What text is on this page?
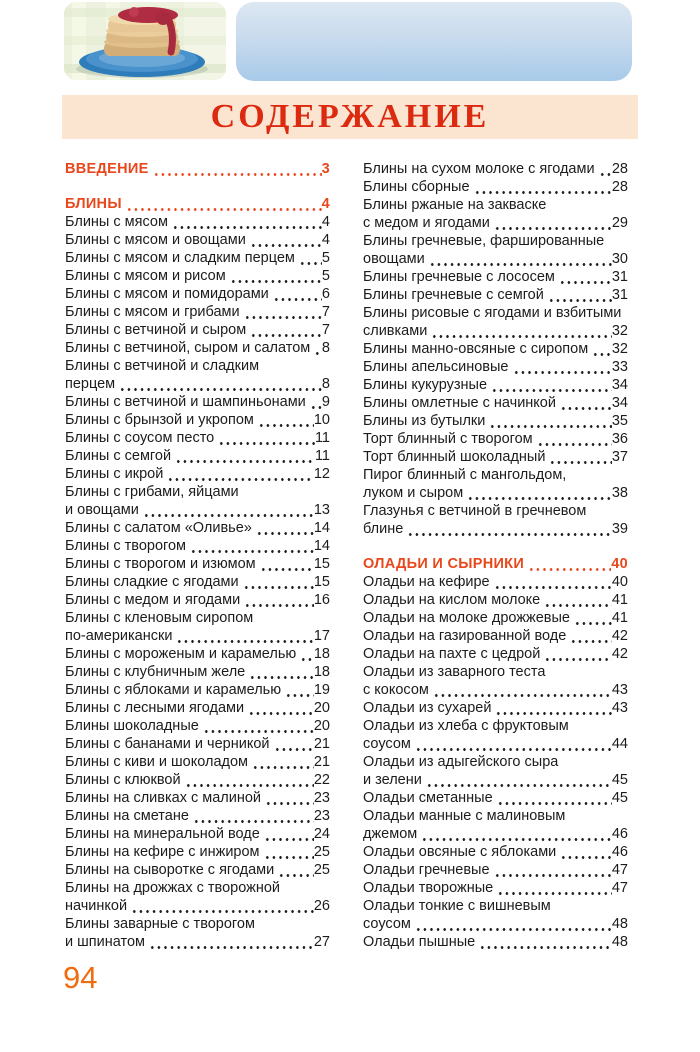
СОДЕРЖАНИЕ
ВВЕДЕНИЕ	3
БЛИНЫ	4
Блины с мясом	4
Блины с мясом и овощами	4
Блины с мясом и сладким перцем 5
Блины с мясом и рисом	5
Блины с мясом и помидорами	6
Блины с мясом и грибами	7
Блины с ветчиной и сыром	7
Блины с ветчиной, сыром и салатом 8
Блины с ветчиной и сладким
перцем	8
Блины с ветчиной и шампиньонами 9
Блины с брынзой и укропом	10
Блины с соусом песто	11
Блины с семгой	11
Блины с икрой	12
Блины с грибами, яйцами
и овощами	13
Блины с салатом «Оливье»	14
Блины с творогом	14
Блины с творогом и изюмом	15
Блины сладкие с ягодами	15
Блины с медом и ягодами	16
Блины с кленовым сиропом
по-американски	17
Блины с мороженым и карамелью 18
Блины с клубничным желе	18
Блины с яблоками и карамелью 19
Блины с лесными ягодами	20
Блины шоколадные	20
Блины с бананами и черникой	21
Блины с киви и шоколадом	21
Блины с клюквой	22
Блины на сливках с малиной	23
Блины на сметане	23
Блины на минеральной воде	24
Блины на кефире с инжиром	25
Блины на сыворотке с ягодами	25
Блины на дрожжах с творожной
начинкой	26
Блины заварные с творогом
и шпинатом	27
Блины на сухом молоке с ягодами 28
Блины сборные	28
Блины ржаные на закваске
с медом и ягодами	29
Блины гречневые, фаршированные
овощами	30
Блины гречневые с лососем	31
Блины гречневые с семгой	31
Блины рисовые с ягодами и взбитыми
сливками	32
Блины манно-овсяные с сиропом 32
Блины апельсиновые	33
Блины кукурузные	34
Блины омлетные с начинкой	34
Блины из бутылки	35
Торт блинный с творогом	36
Торт блинный шоколадный	37
Пирог блинный с мангольдом,
луком и сыром	38
Глазунья с ветчиной в гречневом
блине	39
ОЛАДЬИ И СЫРНИКИ	40
Оладьи на кефире	40
Оладьи на кислом молоке	41
Оладьи на молоке дрожжевые	41
Оладьи на газированной воде	42
Оладьи на пахте с цедрой	42
Оладьи из заварного теста
с кокосом	43
Оладьи из сухарей	43
Оладьи из хлеба с фруктовым
соусом	44
Оладьи из адыгейского сыра
и зелени	45
Оладьи сметанные	45
Оладьи манные с малиновым
джемом	46
Оладьи овсяные с яблоками	46
Оладьи гречневые	47
Оладьи творожные	47
Оладьи тонкие с вишневым
соусом	48
Оладьи пышные	48
94
